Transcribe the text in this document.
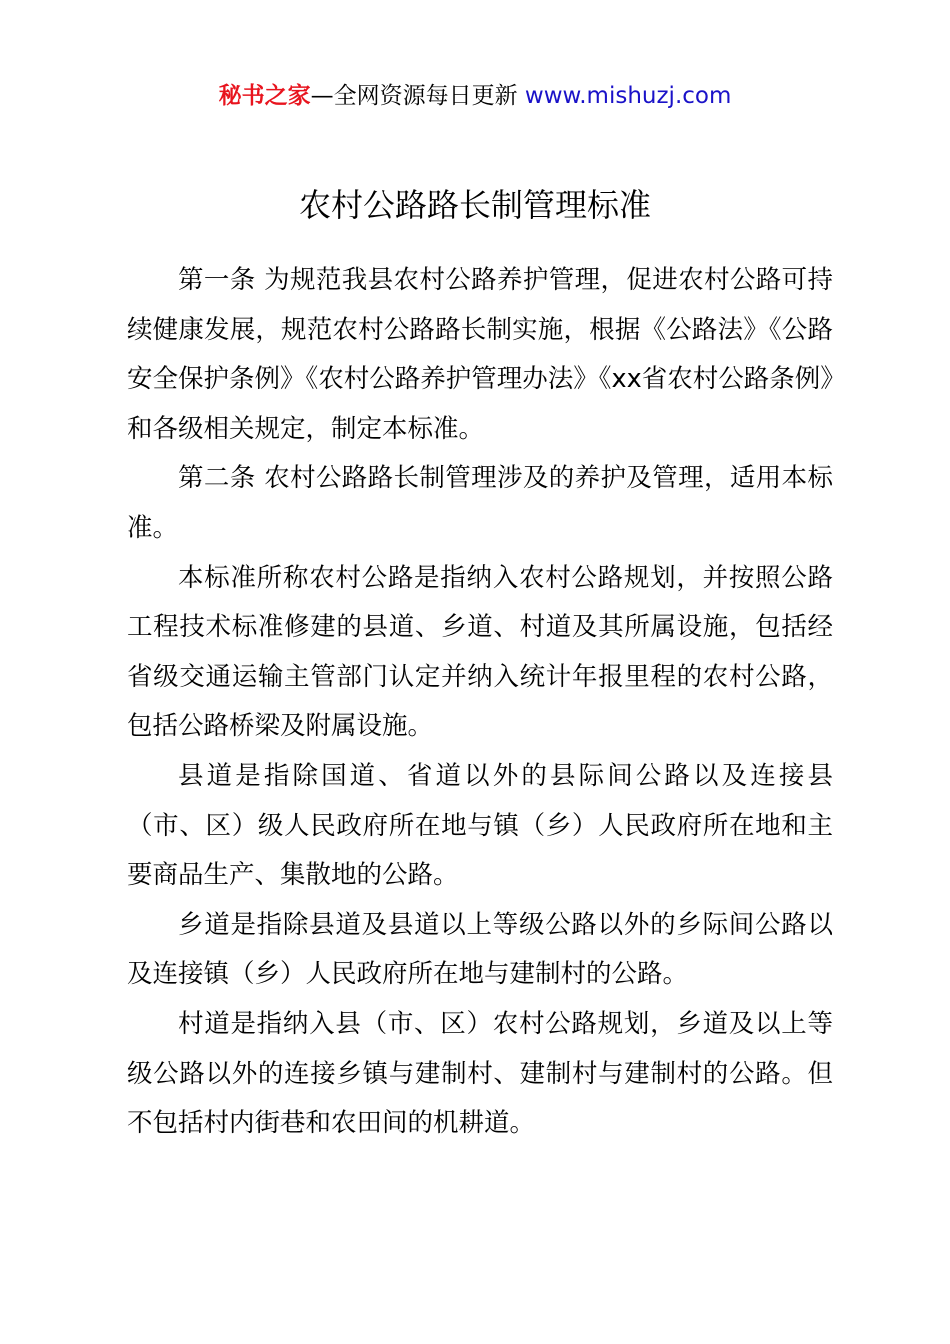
秘书之家—全网资源每日更新 www.mishuzj.com
农村公路路长制管理标准

第一条 为规范我县农村公路养护管理，促进农村公路可持续健康发展，规范农村公路路长制实施，根据《公路法》《公路安全保护条例》《农村公路养护管理办法》《xx省农村公路条例》和各级相关规定，制定本标准。

第二条 农村公路路长制管理涉及的养护及管理，适用本标准。

本标准所称农村公路是指纳入农村公路规划，并按照公路工程技术标准修建的县道、乡道、村道及其所属设施，包括经省级交通运输主管部门认定并纳入统计年报里程的农村公路，包括公路桥梁及附属设施。

县道是指除国道、省道以外的县际间公路以及连接县（市、区）级人民政府所在地与镇（乡）人民政府所在地和主要商品生产、集散地的公路。

乡道是指除县道及县道以上等级公路以外的乡际间公路以及连接镇（乡）人民政府所在地与建制村的公路。

村道是指纳入县（市、区）农村公路规划，乡道及以上等级公路以外的连接乡镇与建制村、建制村与建制村的公路。但不包括村内街巷和农田间的机耕道。
